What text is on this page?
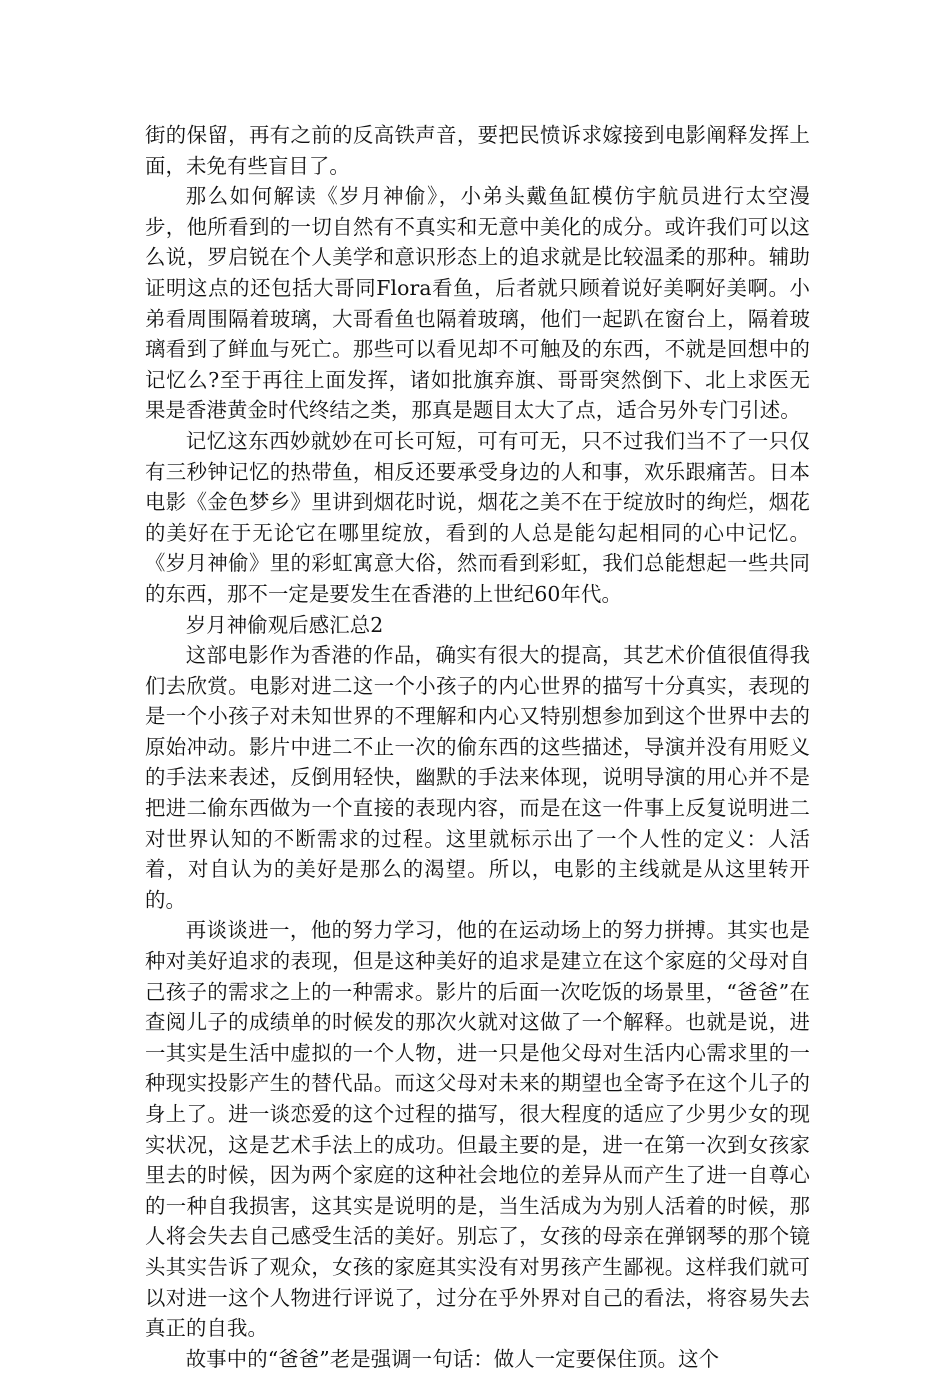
街的保留，再有之前的反高铁声音，要把民愤诉求嫁接到电影阐释发挥上面，未免有些盲目了。

那么如何解读《岁月神偷》，小弟头戴鱼缸模仿宇航员进行太空漫步，他所看到的一切自然有不真实和无意中美化的成分。或许我们可以这么说，罗启锐在个人美学和意识形态上的追求就是比较温柔的那种。辅助证明这点的还包括大哥同Flora看鱼，后者就只顾着说好美啊好美啊。小弟看周围隔着玻璃，大哥看鱼也隔着玻璃，他们一起趴在窗台上，隔着玻璃看到了鲜血与死亡。那些可以看见却不可触及的东西，不就是回想中的记忆么?至于再往上面发挥，诸如批旗弃旗、哥哥突然倒下、北上求医无果是香港黄金时代终结之类，那真是题目太大了点，适合另外专门引述。

记忆这东西妙就妙在可长可短，可有可无，只不过我们当不了一只仅有三秒钟记忆的热带鱼，相反还要承受身边的人和事，欢乐跟痛苦。日本电影《金色梦乡》里讲到烟花时说，烟花之美不在于绽放时的绚烂，烟花的美好在于无论它在哪里绽放，看到的人总是能勾起相同的心中记忆。《岁月神偷》里的彩虹寓意大俗，然而看到彩虹，我们总能想起一些共同的东西，那不一定是要发生在香港的上世纪60年代。

岁月神偷观后感汇总2

这部电影作为香港的作品，确实有很大的提高，其艺术价值很值得我们去欣赏。电影对进二这一个小孩子的内心世界的描写十分真实，表现的是一个小孩子对未知世界的不理解和内心又特别想参加到这个世界中去的原始冲动。影片中进二不止一次的偷东西的这些描述，导演并没有用贬义的手法来表述，反倒用轻快，幽默的手法来体现，说明导演的用心并不是把进二偷东西做为一个直接的表现内容，而是在这一件事上反复说明进二对世界认知的不断需求的过程。这里就标示出了一个人性的定义：人活着，对自认为的美好是那么的渴望。所以，电影的主线就是从这里转开的。

再谈谈进一，他的努力学习，他的在运动场上的努力拼搏。其实也是种对美好追求的表现，但是这种美好的追求是建立在这个家庭的父母对自己孩子的需求之上的一种需求。影片的后面一次吃饭的场景里，“爸爸”在查阅儿子的成绩单的时候发的那次火就对这做了一个解释。也就是说，进一其实是生活中虚拟的一个人物，进一只是他父母对生活内心需求里的一种现实投影产生的替代品。而这父母对未来的期望也全寄予在这个儿子的身上了。进一谈恋爱的这个过程的描写，很大程度的适应了少男少女的现实状况，这是艺术手法上的成功。但最主要的是，进一在第一次到女孩家里去的时候，因为两个家庭的这种社会地位的差异从而产生了进一自尊心的一种自我损害，这其实是说明的是，当生活成为为别人活着的时候，那人将会失去自己感受生活的美好。别忘了，女孩的母亲在弹钢琴的那个镜头其实告诉了观众，女孩的家庭其实没有对男孩产生鄙视。这样我们就可以对进一这个人物进行评说了，过分在乎外界对自己的看法，将容易失去真正的自我。

故事中的“爸爸”老是强调一句话：做人一定要保住顶。这个
